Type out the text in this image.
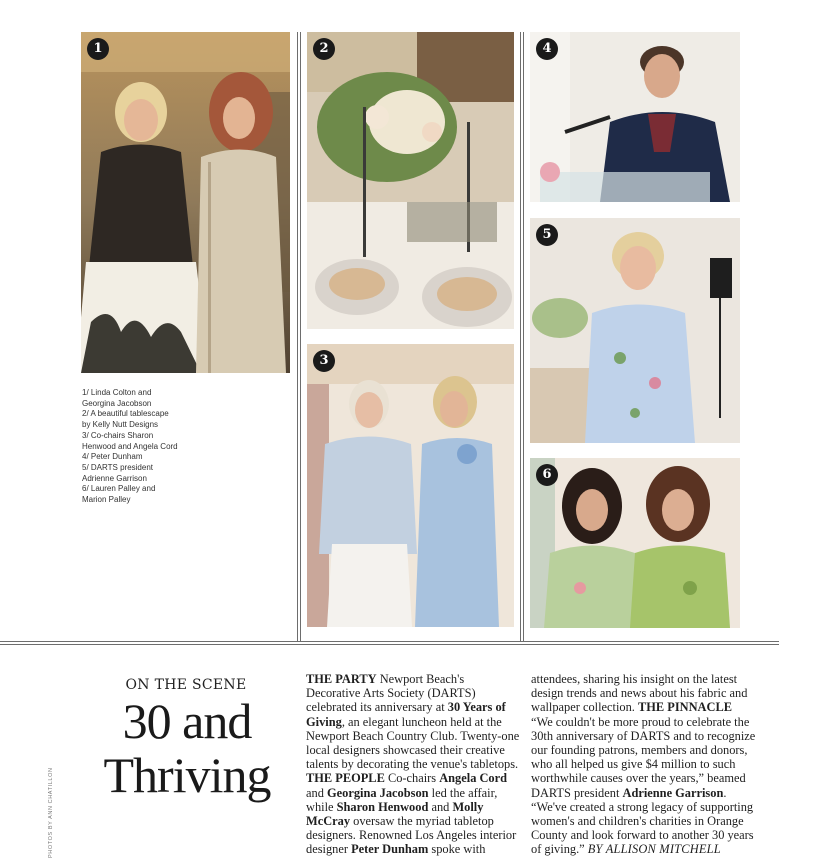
1	2
3
4
5
6
1/ Linda Colton and
Georgina Jacobson
2/ A beautiful tablescape
by Kelly Nutt Designs
3/ Co-chairs Sharon
Henwood and Angela Cord
4/ Peter Dunham
5/ DARTS president
Adrienne Garrison
6/ Lauren Palley and
Marion Palley
PHOTOS BY ANN CHATILLON
ON THE SCENE
30 and
Thriving
THE PARTY Newport Beach's
Decorative Arts Society (DARTS)
celebrated its anniversary at 30 Years of
Giving, an elegant luncheon held at the
Newport Beach Country Club. Twenty-one
local designers showcased their creative
talents by decorating the venue's tabletops.
THE PEOPLE Co-chairs Angela Cord
and Georgina Jacobson led the affair,
while Sharon Henwood and Molly
McCray oversaw the myriad tabletop
designers. Renowned Los Angeles interior
designer Peter Dunham spoke with
attendees, sharing his insight on the latest
design trends and news about his fabric and
wallpaper collection. THE PINNACLE
“We couldn't be more proud to celebrate the
30th anniversary of DARTS and to recognize
our founding patrons, members and donors,
who all helped us give $4 million to such
worthwhile causes over the years,” beamed
DARTS president Adrienne Garrison.
“We've created a strong legacy of supporting
women's and children's charities in Orange
County and look forward to another 30 years
of giving.” BY ALLISON MITCHELL
